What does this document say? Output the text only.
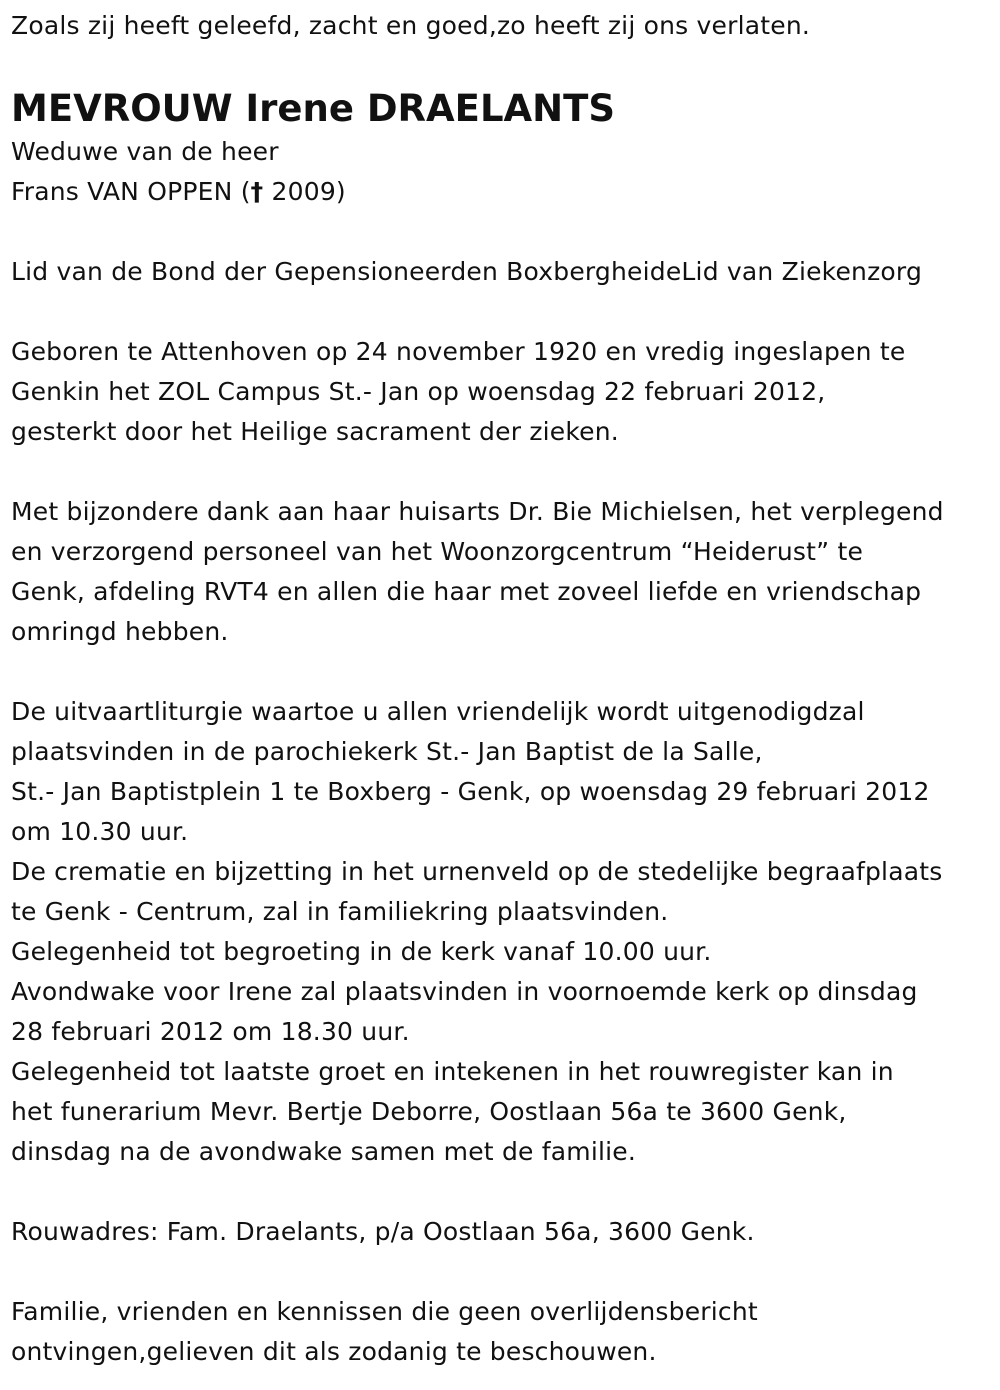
Zoals zij heeft geleefd, zacht en goed,zo heeft zij ons verlaten.
MEVROUW Irene DRAELANTS
Weduwe van de heer
Frans VAN OPPEN († 2009)
Lid van de Bond der Gepensioneerden BoxbergheideLid van Ziekenzorg
Geboren te Attenhoven op 24 november 1920 en vredig ingeslapen te
Genkin het ZOL Campus St.- Jan op woensdag 22 februari 2012,
gesterkt door het Heilige sacrament der zieken.
Met bijzondere dank aan haar huisarts Dr. Bie Michielsen, het verplegend
en verzorgend personeel van het Woonzorgcentrum “Heiderust” te
Genk, afdeling RVT4 en allen die haar met zoveel liefde en vriendschap
omringd hebben.
De uitvaartliturgie waartoe u allen vriendelijk wordt uitgenodigdzal
plaatsvinden in de parochiekerk St.- Jan Baptist de la Salle,
St.- Jan Baptistplein 1 te Boxberg - Genk, op woensdag 29 februari 2012
om 10.30 uur.
De crematie en bijzetting in het urnenveld op de stedelijke begraafplaats
te Genk - Centrum, zal in familiekring plaatsvinden.
Gelegenheid tot begroeting in de kerk vanaf 10.00 uur.
Avondwake voor Irene zal plaatsvinden in voornoemde kerk op dinsdag
28 februari 2012 om 18.30 uur.
Gelegenheid tot laatste groet en intekenen in het rouwregister kan in
het funerarium Mevr. Bertje Deborre, Oostlaan 56a te 3600 Genk,
dinsdag na de avondwake samen met de familie.
Rouwadres: Fam. Draelants, p/a Oostlaan 56a, 3600 Genk.
Familie, vrienden en kennissen die geen overlijdensbericht
ontvingen,gelieven dit als zodanig te beschouwen.
